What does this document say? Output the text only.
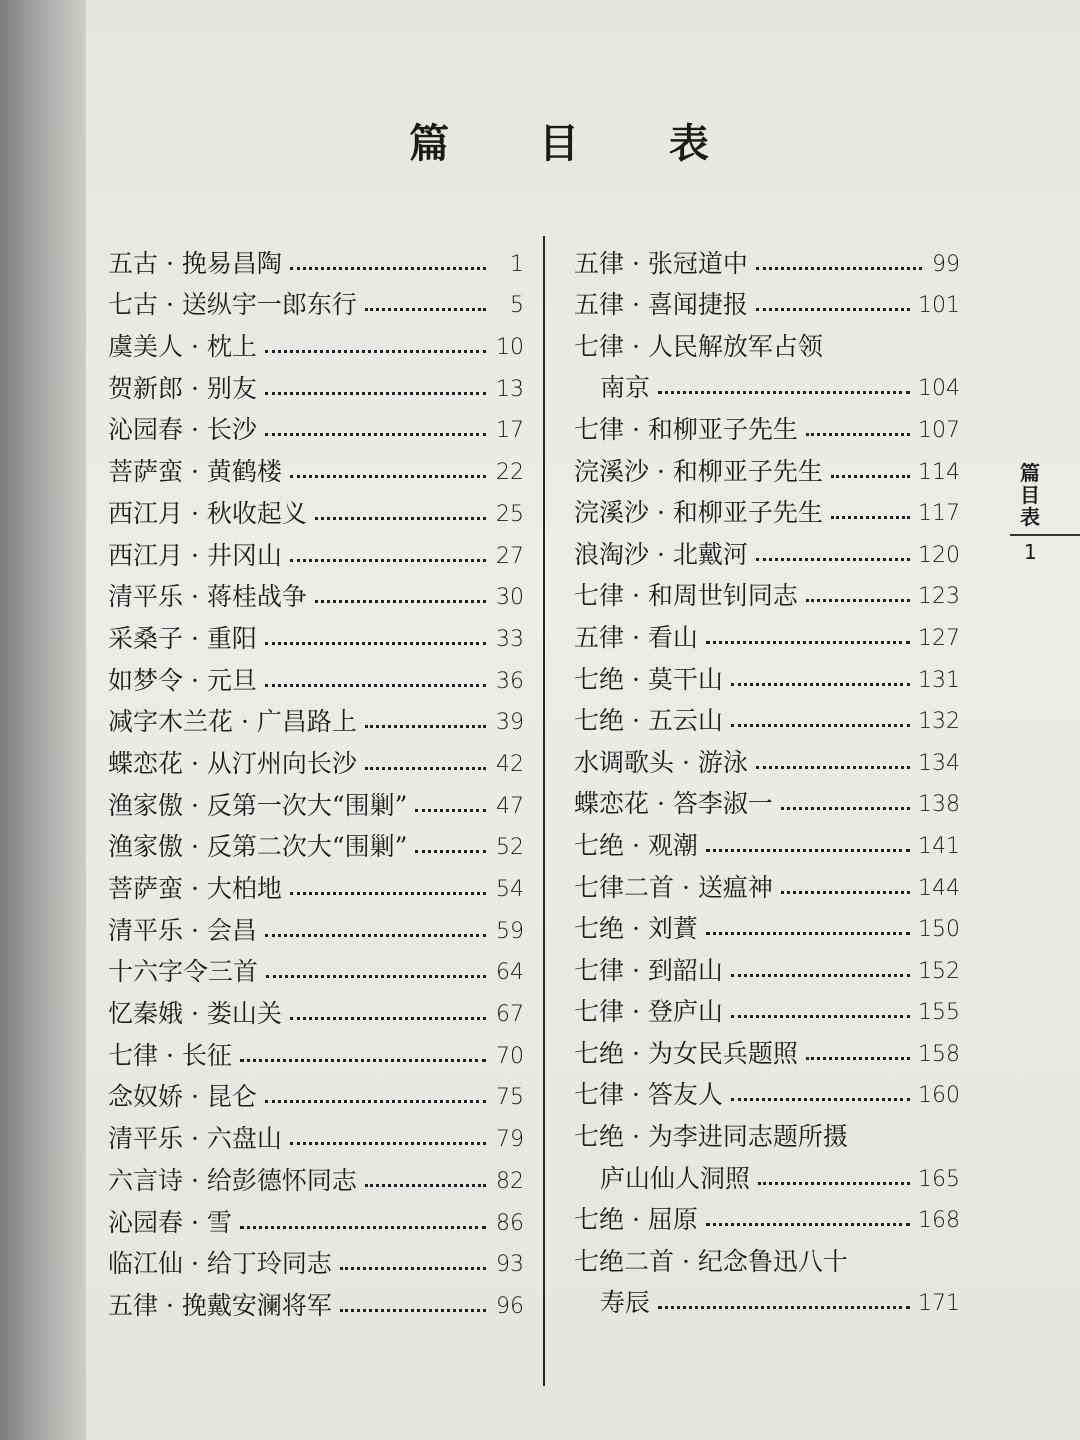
篇 目 表
五古 · 挽易昌陶	1
七古 · 送纵宇一郎东行	5
虞美人 · 枕上	10
贺新郎 · 别友	13
沁园春 · 长沙	17
菩萨蛮 · 黄鹤楼	22
西江月 · 秋收起义	25
西江月 · 井冈山	27
清平乐 · 蒋桂战争	30
采桑子 · 重阳	33
如梦令 · 元旦	36
减字木兰花 · 广昌路上	39
蝶恋花 · 从汀州向长沙	42
渔家傲 · 反第一次大“围剿”	47
渔家傲 · 反第二次大“围剿”	52
菩萨蛮 · 大柏地	54
清平乐 · 会昌	59
十六字令三首	64
忆秦娥 · 娄山关	67
七律 · 长征	70
念奴娇 · 昆仑	75
清平乐 · 六盘山	79
六言诗 · 给彭德怀同志	82
沁园春 · 雪	86
临江仙 · 给丁玲同志	93
五律 · 挽戴安澜将军	96
五律 · 张冠道中	99
五律 · 喜闻捷报	101
七律 · 人民解放军占领
南京	104
七律 · 和柳亚子先生	107
浣溪沙 · 和柳亚子先生	114
浣溪沙 · 和柳亚子先生	117
浪淘沙 · 北戴河	120
七律 · 和周世钊同志	123
五律 · 看山	127
七绝 · 莫干山	131
七绝 · 五云山	132
水调歌头 · 游泳	134
蝶恋花 · 答李淑一	138
七绝 · 观潮	141
七律二首 · 送瘟神	144
七绝 · 刘蕡	150
七律 · 到韶山	152
七律 · 登庐山	155
七绝 · 为女民兵题照	158
七律 · 答友人	160
七绝 · 为李进同志题所摄
庐山仙人洞照	165
七绝 · 屈原	168
七绝二首 · 纪念鲁迅八十
寿辰	171
篇目表
1
